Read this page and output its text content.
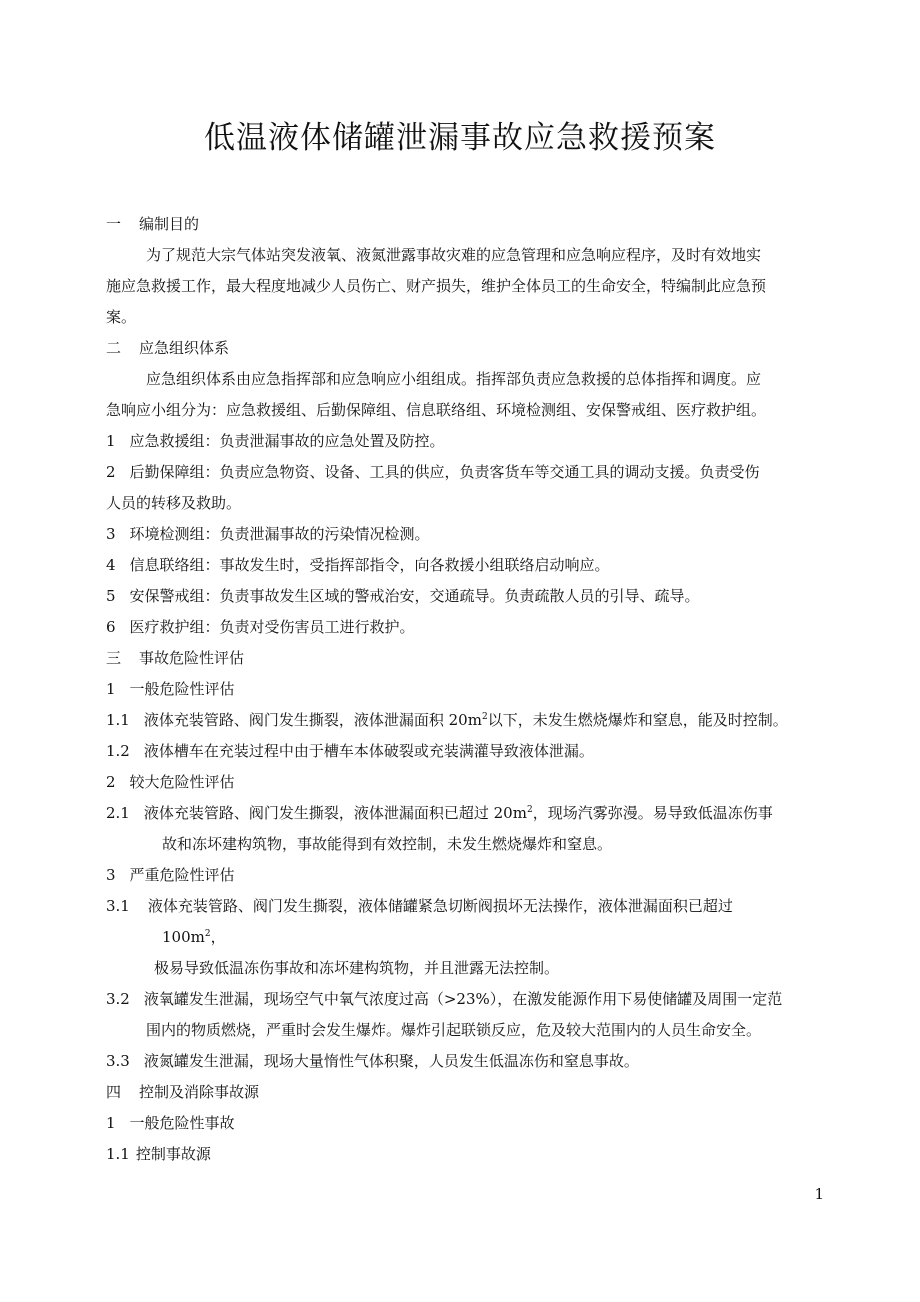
低温液体储罐泄漏事故应急救援预案
一 编制目的
为了规范大宗气体站突发液氧、液氮泄露事故灾难的应急管理和应急响应程序，及时有效地实
施应急救援工作，最大程度地减少人员伤亡、财产损失，维护全体员工的生命安全，特编制此应急预
案。
二 应急组织体系
应急组织体系由应急指挥部和应急响应小组组成。指挥部负责应急救援的总体指挥和调度。应
急响应小组分为：应急救援组、后勤保障组、信息联络组、环境检测组、安保警戒组、医疗救护组。
1 应急救援组：负责泄漏事故的应急处置及防控。
2 后勤保障组：负责应急物资、设备、工具的供应，负责客货车等交通工具的调动支援。负责受伤
人员的转移及救助。
3 环境检测组：负责泄漏事故的污染情况检测。
4 信息联络组：事故发生时，受指挥部指令，向各救援小组联络启动响应。
5 安保警戒组：负责事故发生区域的警戒治安，交通疏导。负责疏散人员的引导、疏导。
6 医疗救护组：负责对受伤害员工进行救护。
三 事故危险性评估
1 一般危险性评估
1.1 液体充装管路、阀门发生撕裂，液体泄漏面积 $20m^2$以下，未发生燃烧爆炸和窒息，能及时控制。
1.2 液体槽车在充装过程中由于槽车本体破裂或充装满灌导致液体泄漏。
2 较大危险性评估
2.1 液体充装管路、阀门发生撕裂，液体泄漏面积已超过 $20m^2$，现场汽雾弥漫。易导致低温冻伤事
故和冻坏建构筑物，事故能得到有效控制，未发生燃烧爆炸和窒息。
3 严重危险性评估
3.1 液体充装管路、阀门发生撕裂，液体储罐紧急切断阀损坏无法操作，液体泄漏面积已超过
$100m^2$，
极易导致低温冻伤事故和冻坏建构筑物，并且泄露无法控制。
3.2 液氧罐发生泄漏，现场空气中氧气浓度过高（>23%），在激发能源作用下易使储罐及周围一定范
围内的物质燃烧，严重时会发生爆炸。爆炸引起联锁反应，危及较大范围内的人员生命安全。
3.3 液氮罐发生泄漏，现场大量惰性气体积聚，人员发生低温冻伤和窒息事故。
四 控制及消除事故源
1 一般危险性事故
1.1 控制事故源
1
